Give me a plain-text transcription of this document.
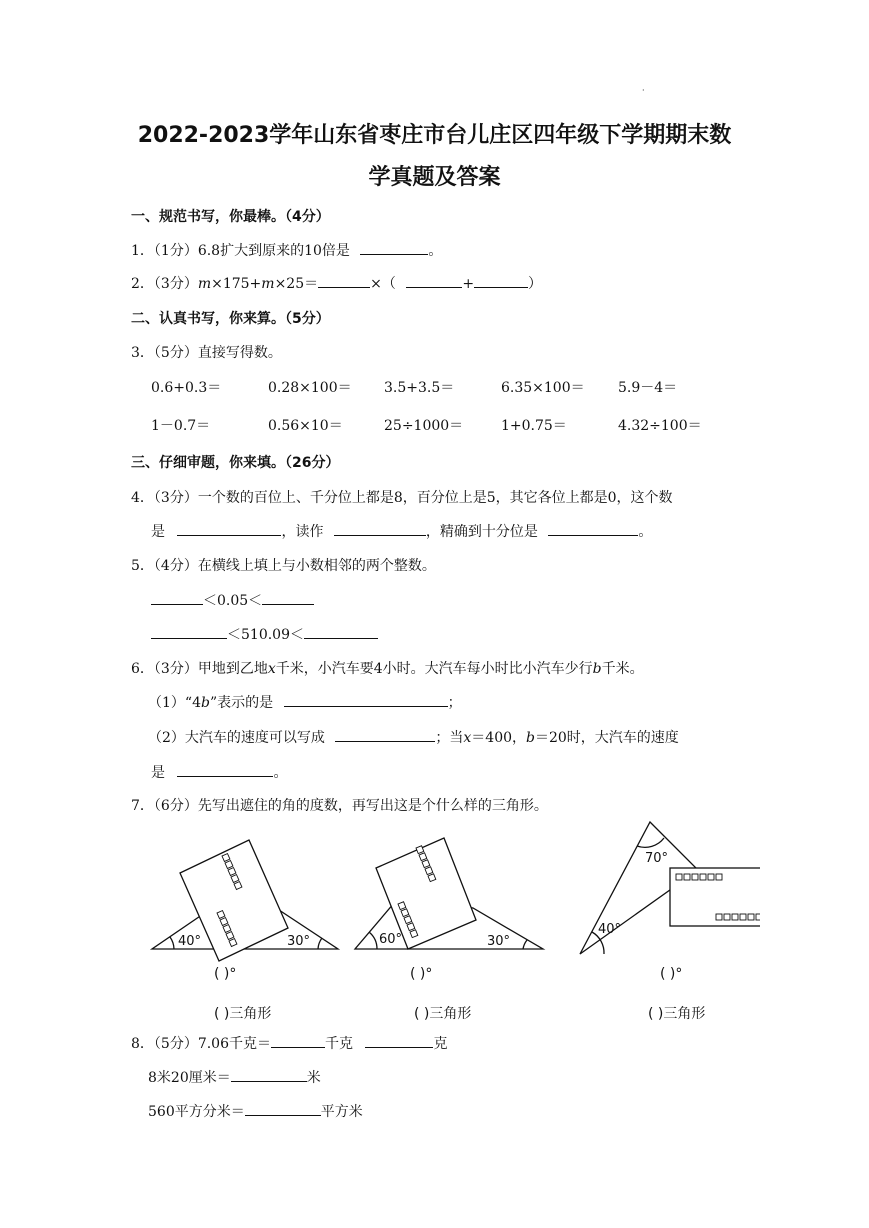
·
2022-2023学年山东省枣庄市台儿庄区四年级下学期期末数
学真题及答案
一、规范书写，你最棒。（4分）
1．（1分）6.8扩大到原来的10倍是	。
2．（3分）m×175+m×25＝	×（	+	）
二、认真书写，你来算。（5分）
3．（5分）直接写得数。
0.6+0.3＝	0.28×100＝ 3.5+3.5＝	6.35×100＝ 5.9－4＝
1－0.7＝	0.56×10＝	25÷1000＝	1+0.75＝	4.32÷100＝
三、仔细审题，你来填。（26分）
4．（3分）一个数的百位上、千分位上都是8，百分位上是5，其它各位上都是0，这个数
是	，读作	，精确到十分位是	。
5．（4分）在横线上填上与小数相邻的两个整数。
＜0.05＜
＜510.09＜
6．（3分）甲地到乙地x千米，小汽车要4小时。大汽车每小时比小汽车少行b千米。
（1）“4b”表示的是	；
（2）大汽车的速度可以写成	；当x＝400，b＝20时，大汽车的速度
是	。
7．（6分）先写出遮住的角的度数，再写出这是个什么样的三角形。
40°	30°	60°	30°
70°
40°
( )°	( )°	( )°
( )三角形	( )三角形	( )三角形
8．（5分）7.06千克＝	千克	克
8米20厘米＝	米
560平方分米＝	平方米
